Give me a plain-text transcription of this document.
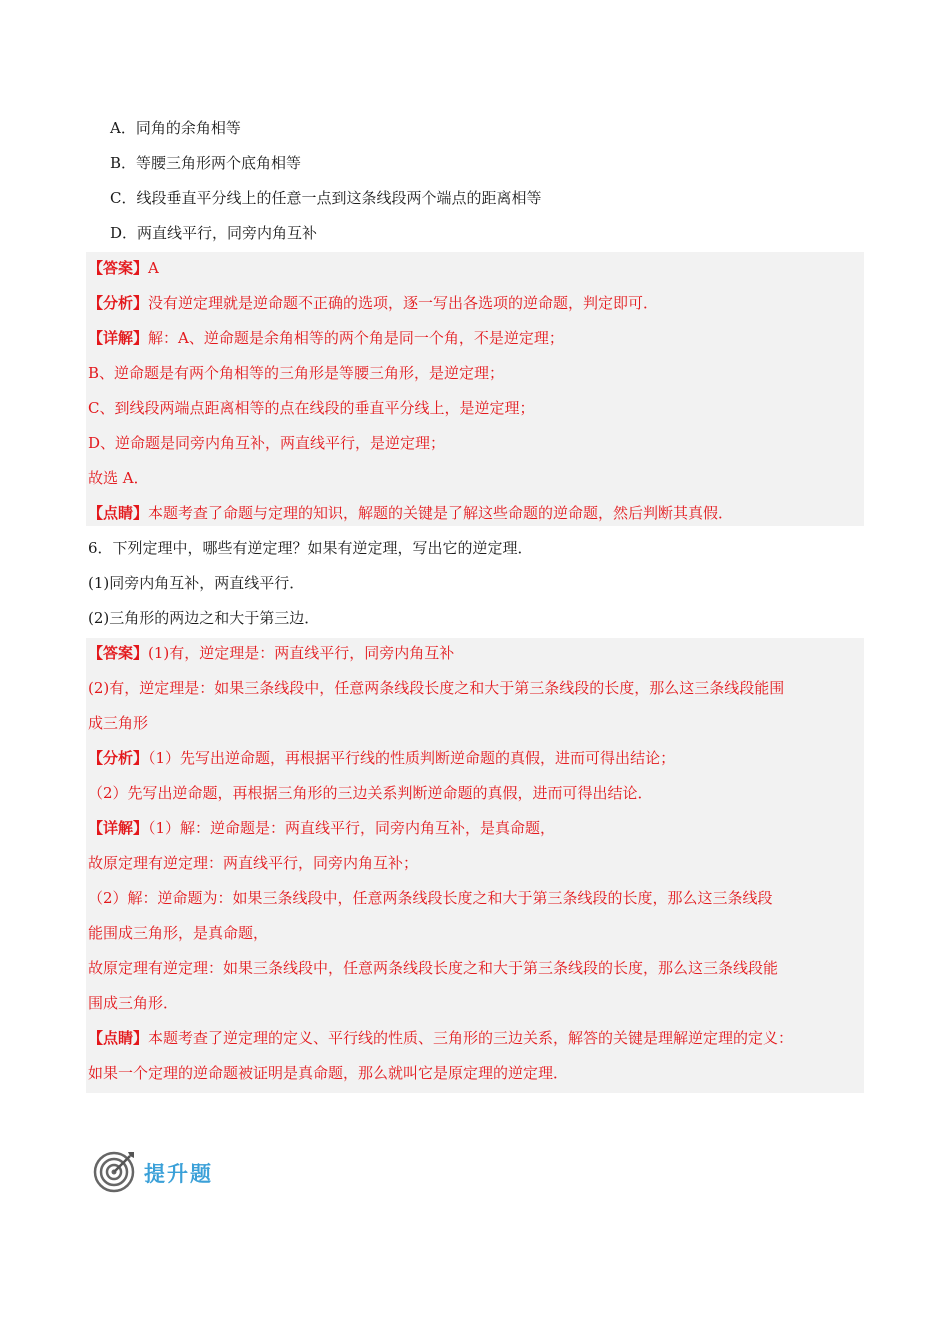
A．同角的余角相等
B．等腰三角形两个底角相等
C．线段垂直平分线上的任意一点到这条线段两个端点的距离相等
D．两直线平行，同旁内角互补
【答案】A
【分析】没有逆定理就是逆命题不正确的选项，逐一写出各选项的逆命题，判定即可．
【详解】解：A、逆命题是余角相等的两个角是同一个角，不是逆定理；
B、逆命题是有两个角相等的三角形是等腰三角形，是逆定理；
C、到线段两端点距离相等的点在线段的垂直平分线上，是逆定理；
D、逆命题是同旁内角互补，两直线平行，是逆定理；
故选 A．
【点睛】本题考查了命题与定理的知识，解题的关键是了解这些命题的逆命题，然后判断其真假．
6．下列定理中，哪些有逆定理？如果有逆定理，写出它的逆定理．
(1)同旁内角互补，两直线平行．
(2)三角形的两边之和大于第三边．
【答案】(1)有，逆定理是：两直线平行，同旁内角互补
(2)有，逆定理是：如果三条线段中，任意两条线段长度之和大于第三条线段的长度，那么这三条线段能围
成三角形
【分析】（1）先写出逆命题，再根据平行线的性质判断逆命题的真假，进而可得出结论；
（2）先写出逆命题，再根据三角形的三边关系判断逆命题的真假，进而可得出结论．
【详解】（1）解：逆命题是：两直线平行，同旁内角互补，是真命题，
故原定理有逆定理：两直线平行，同旁内角互补；
（2）解：逆命题为：如果三条线段中，任意两条线段长度之和大于第三条线段的长度，那么这三条线段
能围成三角形，是真命题，
故原定理有逆定理：如果三条线段中，任意两条线段长度之和大于第三条线段的长度，那么这三条线段能
围成三角形．
【点睛】本题考查了逆定理的定义、平行线的性质、三角形的三边关系，解答的关键是理解逆定理的定义：
如果一个定理的逆命题被证明是真命题，那么就叫它是原定理的逆定理．
提升题
